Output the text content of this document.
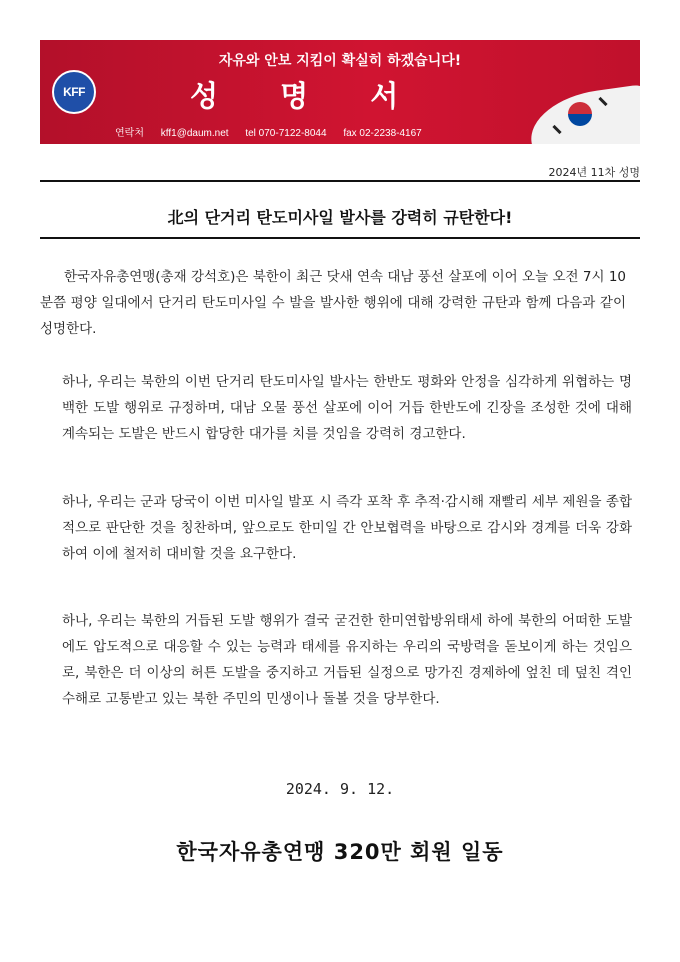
KFF
자유와 안보 지킴이 확실히 하겠습니다!
성 명 서
연락처 kff1@daum.net tel 070-7122-8044 fax 02-2238-4167
2024년 11차 성명
北의 단거리 탄도미사일 발사를 강력히 규탄한다!
한국자유총연맹(총재 강석호)은 북한이 최근 닷새 연속 대남 풍선 살포에 이어 오늘 오전 7시 10분쯤 평양 일대에서 단거리 탄도미사일 수 발을 발사한 행위에 대해 강력한 규탄과 함께 다음과 같이 성명한다.
하나, 우리는 북한의 이번 단거리 탄도미사일 발사는 한반도 평화와 안정을 심각하게 위협하는 명백한 도발 행위로 규정하며, 대남 오물 풍선 살포에 이어 거듭 한반도에 긴장을 조성한 것에 대해 계속되는 도발은 반드시 합당한 대가를 치를 것임을 강력히 경고한다.
하나, 우리는 군과 당국이 이번 미사일 발포 시 즉각 포착 후 추적·감시해 재빨리 세부 제원을 종합적으로 판단한 것을 칭찬하며, 앞으로도 한미일 간 안보협력을 바탕으로 감시와 경계를 더욱 강화하여 이에 철저히 대비할 것을 요구한다.
하나, 우리는 북한의 거듭된 도발 행위가 결국 굳건한 한미연합방위태세 하에 북한의 어떠한 도발에도 압도적으로 대응할 수 있는 능력과 태세를 유지하는 우리의 국방력을 돋보이게 하는 것임으로, 북한은 더 이상의 허튼 도발을 중지하고 거듭된 실정으로 망가진 경제하에 엎친 데 덮친 격인 수해로 고통받고 있는 북한 주민의 민생이나 돌볼 것을 당부한다.
2024. 9. 12.
한국자유총연맹 320만 회원 일동
